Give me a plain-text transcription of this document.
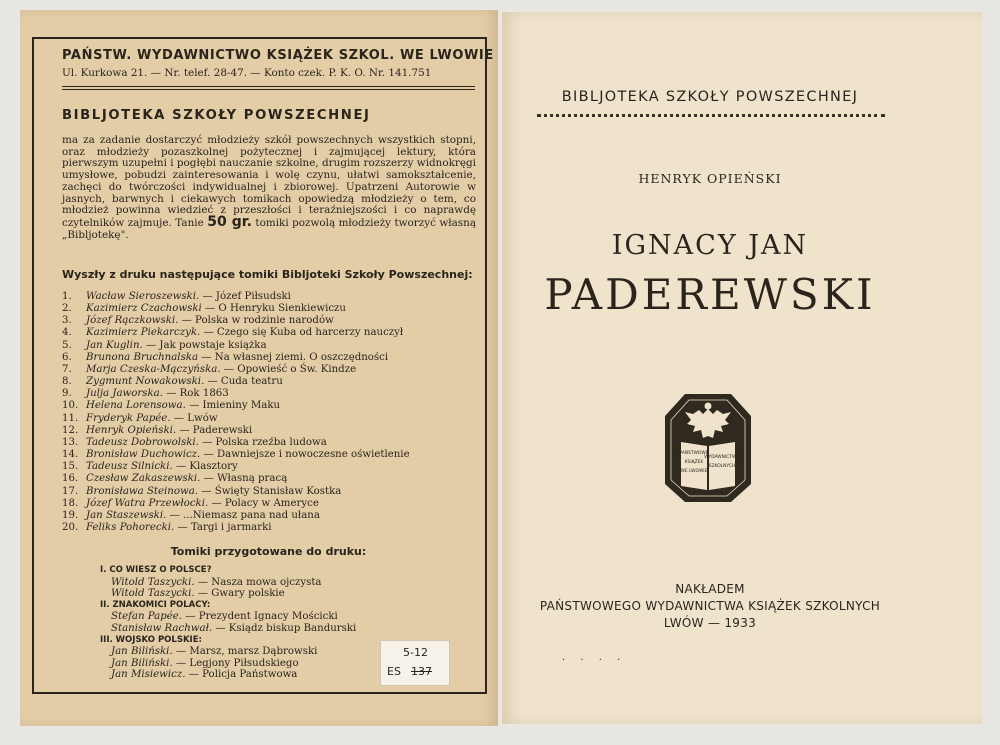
PAŃSTW. WYDAWNICTWO KSIĄŻEK SZKOL. WE LWOWIE
Ul. Kurkowa 21. — Nr. telef. 28-47. — Konto czek. P. K. O. Nr. 141.751
BIBLJOTEKA SZKOŁY POWSZECHNEJ
ma za zadanie dostarczyć młodzieży szkół powszechnych wszystkich stopni, oraz młodzieży pozaszkolnej pożytecznej i zajmującej lektury, która pierwszym uzupełni i pogłębi nauczanie szkolne, drugim rozszerzy widnokręgi umysłowe, pobudzi zainteresowania i wolę czynu, ułatwi samokształcenie, zachęci do twórczości indywidualnej i zbiorowej. Upatrzeni Autorowie w jasnych, barwnych i ciekawych tomikach opowiedzą młodzieży o tem, co młodzież powinna wiedzieć z przeszłości i teraźniejszości i co naprawdę czytelników zajmuje. Tanie 50 gr. tomiki pozwolą młodzieży tworzyć własną „Bibljotekę".
Wyszły z druku następujące tomiki Bibljoteki Szkoły Powszechnej:
1. Wacław Sieroszewski. — Józef Piłsudski
2. Kazimierz Czachowski — O Henryku Sienkiewiczu
3. Józef Rączkowski. — Polska w rodzinie narodów
4. Kazimierz Piekarczyk. — Czego się Kuba od harcerzy nauczył
5. Jan Kuglin. — Jak powstaje książka
6. Brunona Bruchnalska — Na własnej ziemi. O oszczędności
7. Marja Czeska-Mączyńska. — Opowieść o Św. Kindze
8. Zygmunt Nowakowski. — Cuda teatru
9. Julja Jaworska. — Rok 1863
10. Helena Lorensowa. — Imieniny Maku
11. Fryderyk Papée. — Lwów
12. Henryk Opieński. — Paderewski
13. Tadeusz Dobrowolski. — Polska rzeźba ludowa
14. Bronisław Duchowicz. — Dawniejsze i nowoczesne oświetlenie
15. Tadeusz Silnicki. — Klasztory
16. Czesław Zakaszewski. — Własną pracą
17. Bronisława Steinowa. — Święty Stanisław Kostka
18. Józef Watra Przewłocki. — Polacy w Ameryce
19. Jan Staszewski. — ...Niemasz pana nad ułana
20. Feliks Pohorecki. — Targi i jarmarki
Tomiki przygotowane do druku:
I. CO WIESZ O POLSCE?
Witold Taszycki. — Nasza mowa ojczysta
Witold Taszycki. — Gwary polskie
II. ZNAKOMICI POLACY:
Stefan Papée. — Prezydent Ignacy Mościcki
Stanisław Rachwał. — Ksiądz biskup Bandurski
III. WOJSKO POLSKIE:
Jan Biliński. — Marsz, marsz Dąbrowski
Jan Biliński. — Legjony Piłsudskiego
Jan Misiewicz. — Policja Państwowa
5-12
ES 137
BIBLJOTEKA SZKOŁY POWSZECHNEJ
HENRYK OPIEŃSKI
IGNACY JAN
PADEREWSKI
PAŃSTWOWE
WYDAWNICTWO
KSIĄŻEK
SZKOLNYCH
WE LWOWIE
NAKŁADEM
PAŃSTWOWEGO WYDAWNICTWA KSIĄŻEK SZKOLNYCH
LWÓW — 1933
· · · ·
